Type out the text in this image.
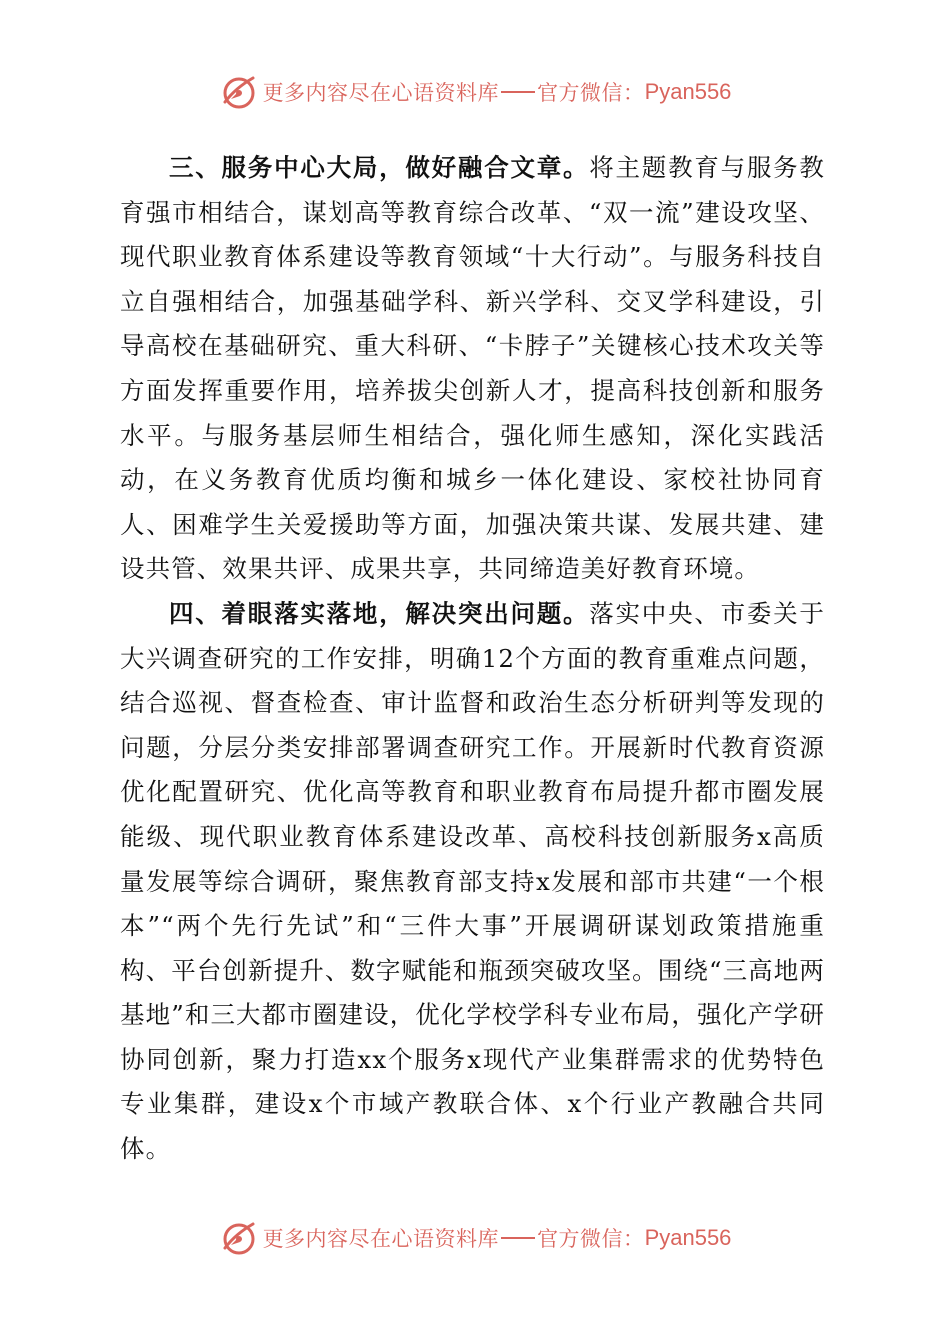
更多内容尽在心语资料库 官方微信： Pyan556

三、服务中心大局，做好融合文章。将主题教育与服务教育强市相结合，谋划高等教育综合改革、“双一流”建设攻坚、现代职业教育体系建设等教育领域“十大行动”。与服务科技自立自强相结合，加强基础学科、新兴学科、交叉学科建设，引导高校在基础研究、重大科研、“卡脖子”关键核心技术攻关等方面发挥重要作用，培养拔尖创新人才，提高科技创新和服务水平。与服务基层师生相结合，强化师生感知，深化实践活动，在义务教育优质均衡和城乡一体化建设、家校社协同育人、困难学生关爱援助等方面，加强决策共谋、发展共建、建设共管、效果共评、成果共享，共同缔造美好教育环境。

四、着眼落实落地，解决突出问题。落实中央、市委关于大兴调查研究的工作安排，明确12个方面的教育重难点问题，结合巡视、督查检查、审计监督和政治生态分析研判等发现的问题，分层分类安排部署调查研究工作。开展新时代教育资源优化配置研究、优化高等教育和职业教育布局提升都市圈发展能级、现代职业教育体系建设改革、高校科技创新服务x高质量发展等综合调研，聚焦教育部支持x发展和部市共建“一个根本”“两个先行先试”和“三件大事”开展调研谋划政策措施重构、平台创新提升、数字赋能和瓶颈突破攻坚。围绕“三高地两基地”和三大都市圈建设，优化学校学科专业布局，强化产学研协同创新，聚力打造xx个服务x现代产业集群需求的优势特色专业集群，建设x个市域产教联合体、x个行业产教融合共同体。

更多内容尽在心语资料库 官方微信： Pyan556
